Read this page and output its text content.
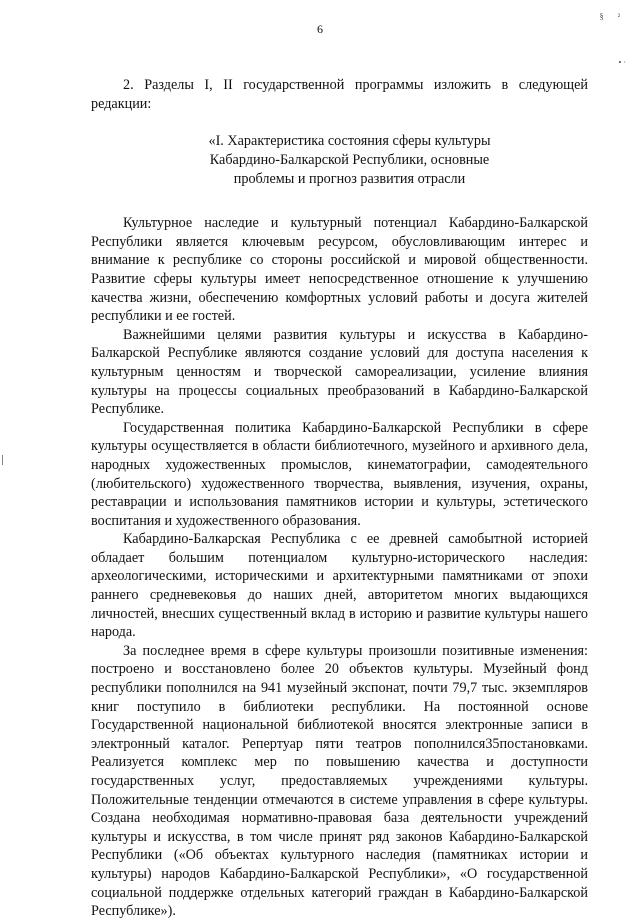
6
§ ²
• ·

2. Разделы I, II государственной программы изложить в следующей редакции:

«I. Характеристика состояния сферы культуры
Кабардино-Балкарской Республики, основные
проблемы и прогноз развития отрасли

Культурное наследие и культурный потенциал Кабардино-Балкарской Республики является ключевым ресурсом, обусловливающим интерес и внимание к республике со стороны российской и мировой общественности. Развитие сферы культуры имеет непосредственное отношение к улучшению качества жизни, обеспечению комфортных условий работы и досуга жителей республики и ее гостей.

Важнейшими целями развития культуры и искусства в Кабардино-Балкарской Республике являются создание условий для доступа населения к культурным ценностям и творческой самореализации, усиление влияния культуры на процессы социальных преобразований в Кабардино-Балкарской Республике.

Государственная политика Кабардино-Балкарской Республики в сфере культуры осуществляется в области библиотечного, музейного и архивного дела, народных художественных промыслов, кинематографии, самодеятельного (любительского) художественного творчества, выявления, изучения, охраны, реставрации и использования памятников истории и культуры, эстетического воспитания и художественного образования.

Кабардино-Балкарская Республика с ее древней самобытной историей обладает большим потенциалом культурно-исторического наследия: археологическими, историческими и архитектурными памятниками от эпохи раннего средневековья до наших дней, авторитетом многих выдающихся личностей, внесших существенный вклад в историю и развитие культуры нашего народа.

За последнее время в сфере культуры произошли позитивные изменения: построено и восстановлено более 20 объектов культуры. Музейный фонд республики пополнился на 941 музейный экспонат, почти 79,7 тыс. экземпляров книг поступило в библиотеки республики. На постоянной основе Государственной национальной библиотекой вносятся электронные записи в электронный каталог. Репертуар пяти театров пополнился35постановками. Реализуется комплекс мер по повышению качества и доступности государственных услуг, предоставляемых учреждениями культуры. Положительные тенденции отмечаются в системе управления в сфере культуры. Создана необходимая нормативно-правовая база деятельности учреждений культуры и искусства, в том числе принят ряд законов Кабардино-Балкарской Республики («Об объектах культурного наследия (памятниках истории и культуры) народов Кабардино-Балкарской Республики», «О государственной социальной поддержке отдельных категорий граждан в Кабардино-Балкарской Республике»).
